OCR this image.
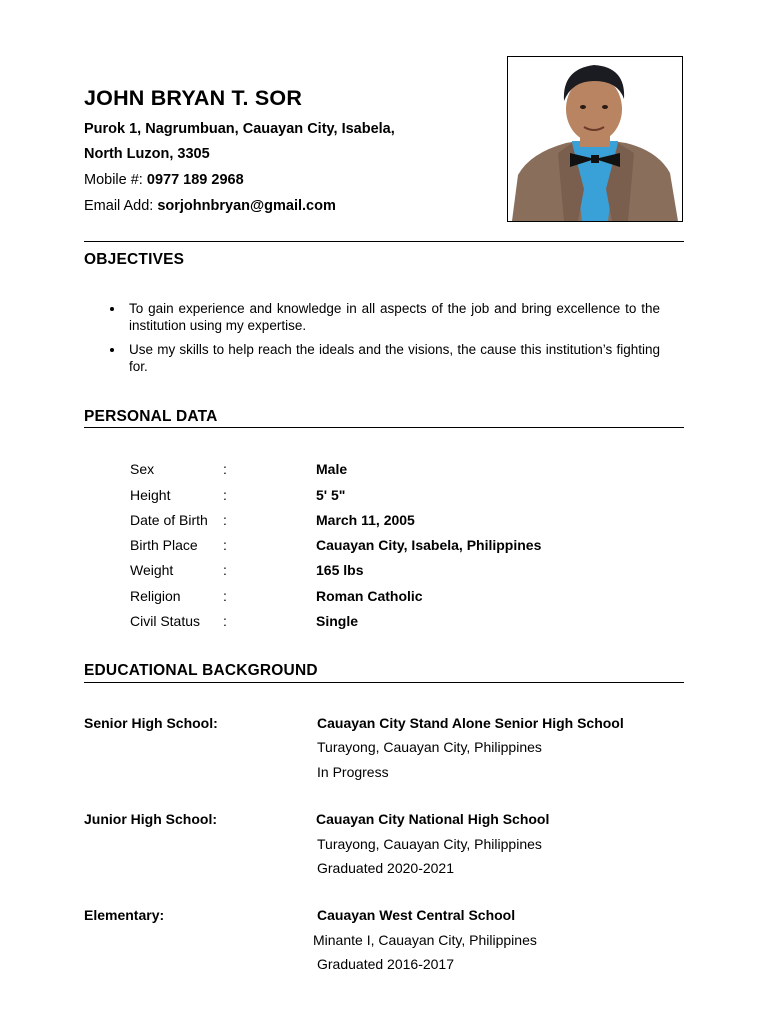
JOHN BRYAN T. SOR
Purok 1, Nagrumbuan, Cauayan City, Isabela,
North Luzon, 3305
Mobile #: 0977 189 2968
Email Add: sorjohnbryan@gmail.com
OBJECTIVES
To gain experience and knowledge in all aspects of the job and bring excellence to the institution using my expertise.
Use my skills to help reach the ideals and the visions, the cause this institution’s fighting for.
PERSONAL DATA
Sex	:	Male
Height	:	5' 5"
Date of Birth :	March 11, 2005
Birth Place :	Cauayan City, Isabela, Philippines
Weight	:	165 lbs
Religion	:	Roman Catholic
Civil Status :	Single
EDUCATIONAL BACKGROUND
Senior High School:	Cauayan City Stand Alone Senior High School
Turayong, Cauayan City, Philippines
In Progress
Junior High School:	Cauayan City National High School
Turayong, Cauayan City, Philippines
Graduated 2020-2021
Elementary:	Cauayan West Central School
Minante I, Cauayan City, Philippines
Graduated 2016-2017
